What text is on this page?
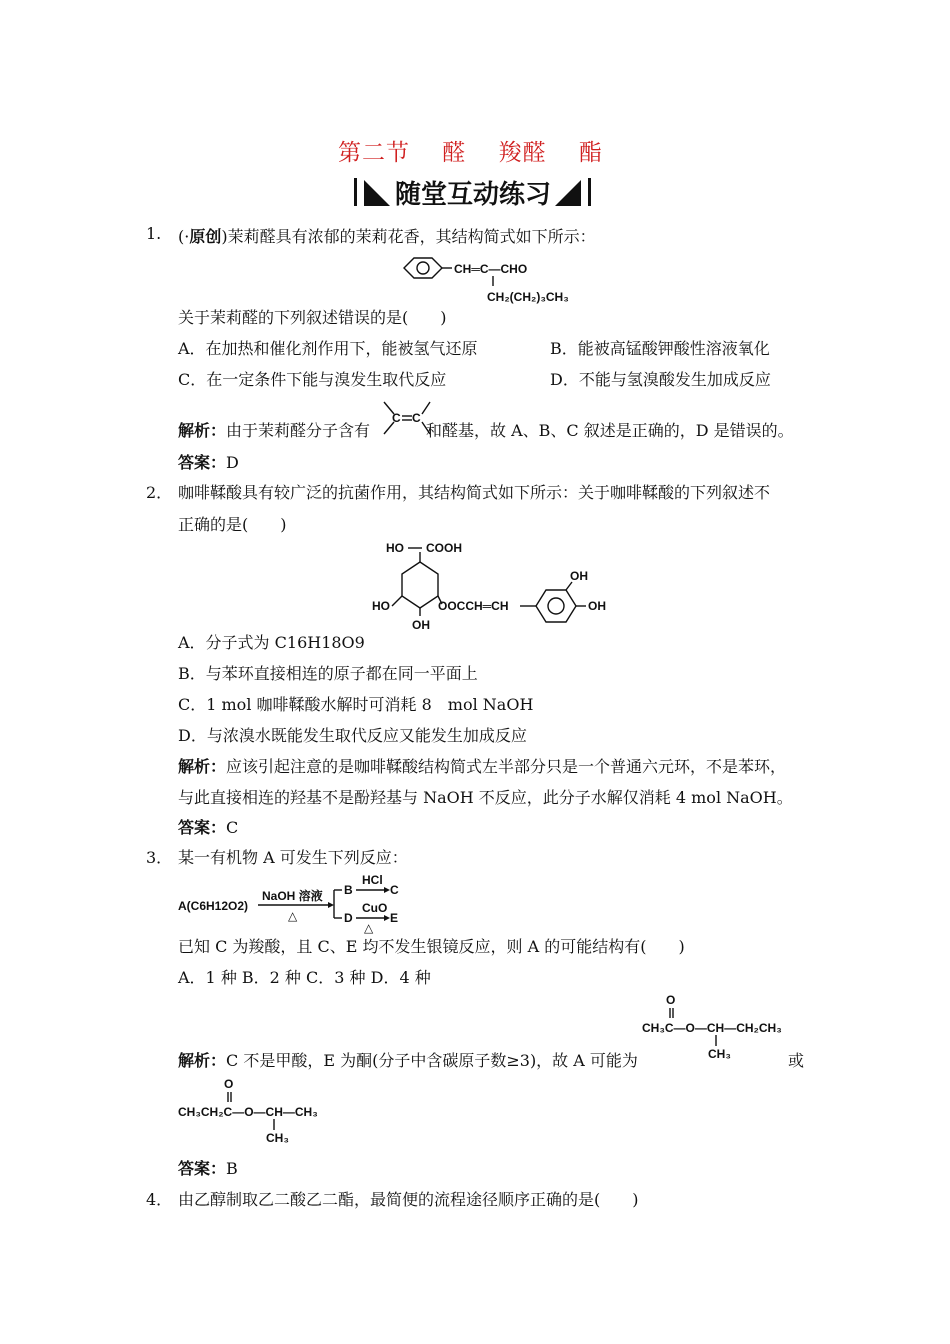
第二节　 醛　 羧醛　 酯
随堂互动练习
1. (·原创)茉莉醛具有浓郁的茉莉花香，其结构简式如下所示：
CH═C—CHO
CH₂(CH₂)₃CH₃
关于茉莉醛的下列叙述错误的是(　　)
A．在加热和催化剂作用下，能被氢气还原	B．能被高锰酸钾酸性溶液氧化
C．在一定条件下能与溴发生取代反应	D．不能与氢溴酸发生加成反应
解析：由于茉莉醛分子含有	和醛基，故 A、B、C 叙述是正确的，D 是错误的。
C C
答案：D
2． 咖啡鞣酸具有较广泛的抗菌作用，其结构简式如下所示：关于咖啡鞣酸的下列叙述不
正确的是(　　)
HO COOH
HO
OH
OOCCH═CH
OH
OH
A．分子式为 C16H18O9
B．与苯环直接相连的原子都在同一平面上
C．1 mol 咖啡鞣酸水解时可消耗 8　mol NaOH
D．与浓溴水既能发生取代反应又能发生加成反应
解析：应该引起注意的是咖啡鞣酸结构简式左半部分只是一个普通六元环，不是苯环，
与此直接相连的羟基不是酚羟基与 NaOH 不反应，此分子水解仅消耗 4 mol NaOH。
答案：C
3． 某一有机物 A 可发生下列反应：
A(C6H12O2)
NaOH 溶液
△
B
HCl
C
D
CuO
△
E
已知 C 为羧酸，且 C、E 均不发生银镜反应，则 A 的可能结构有(　　)
A．1 种 B．2 种 C．3 种 D．4 种
O
CH₃C—O—CH—CH₂CH₃
CH₃
解析：C 不是甲酸，E 为酮(分子中含碳原子数≥3)，故 A 可能为	或
O
CH₃CH₂C—O—CH—CH₃
CH₃
答案：B
4． 由乙醇制取乙二酸乙二酯，最简便的流程途径顺序正确的是(　　)
